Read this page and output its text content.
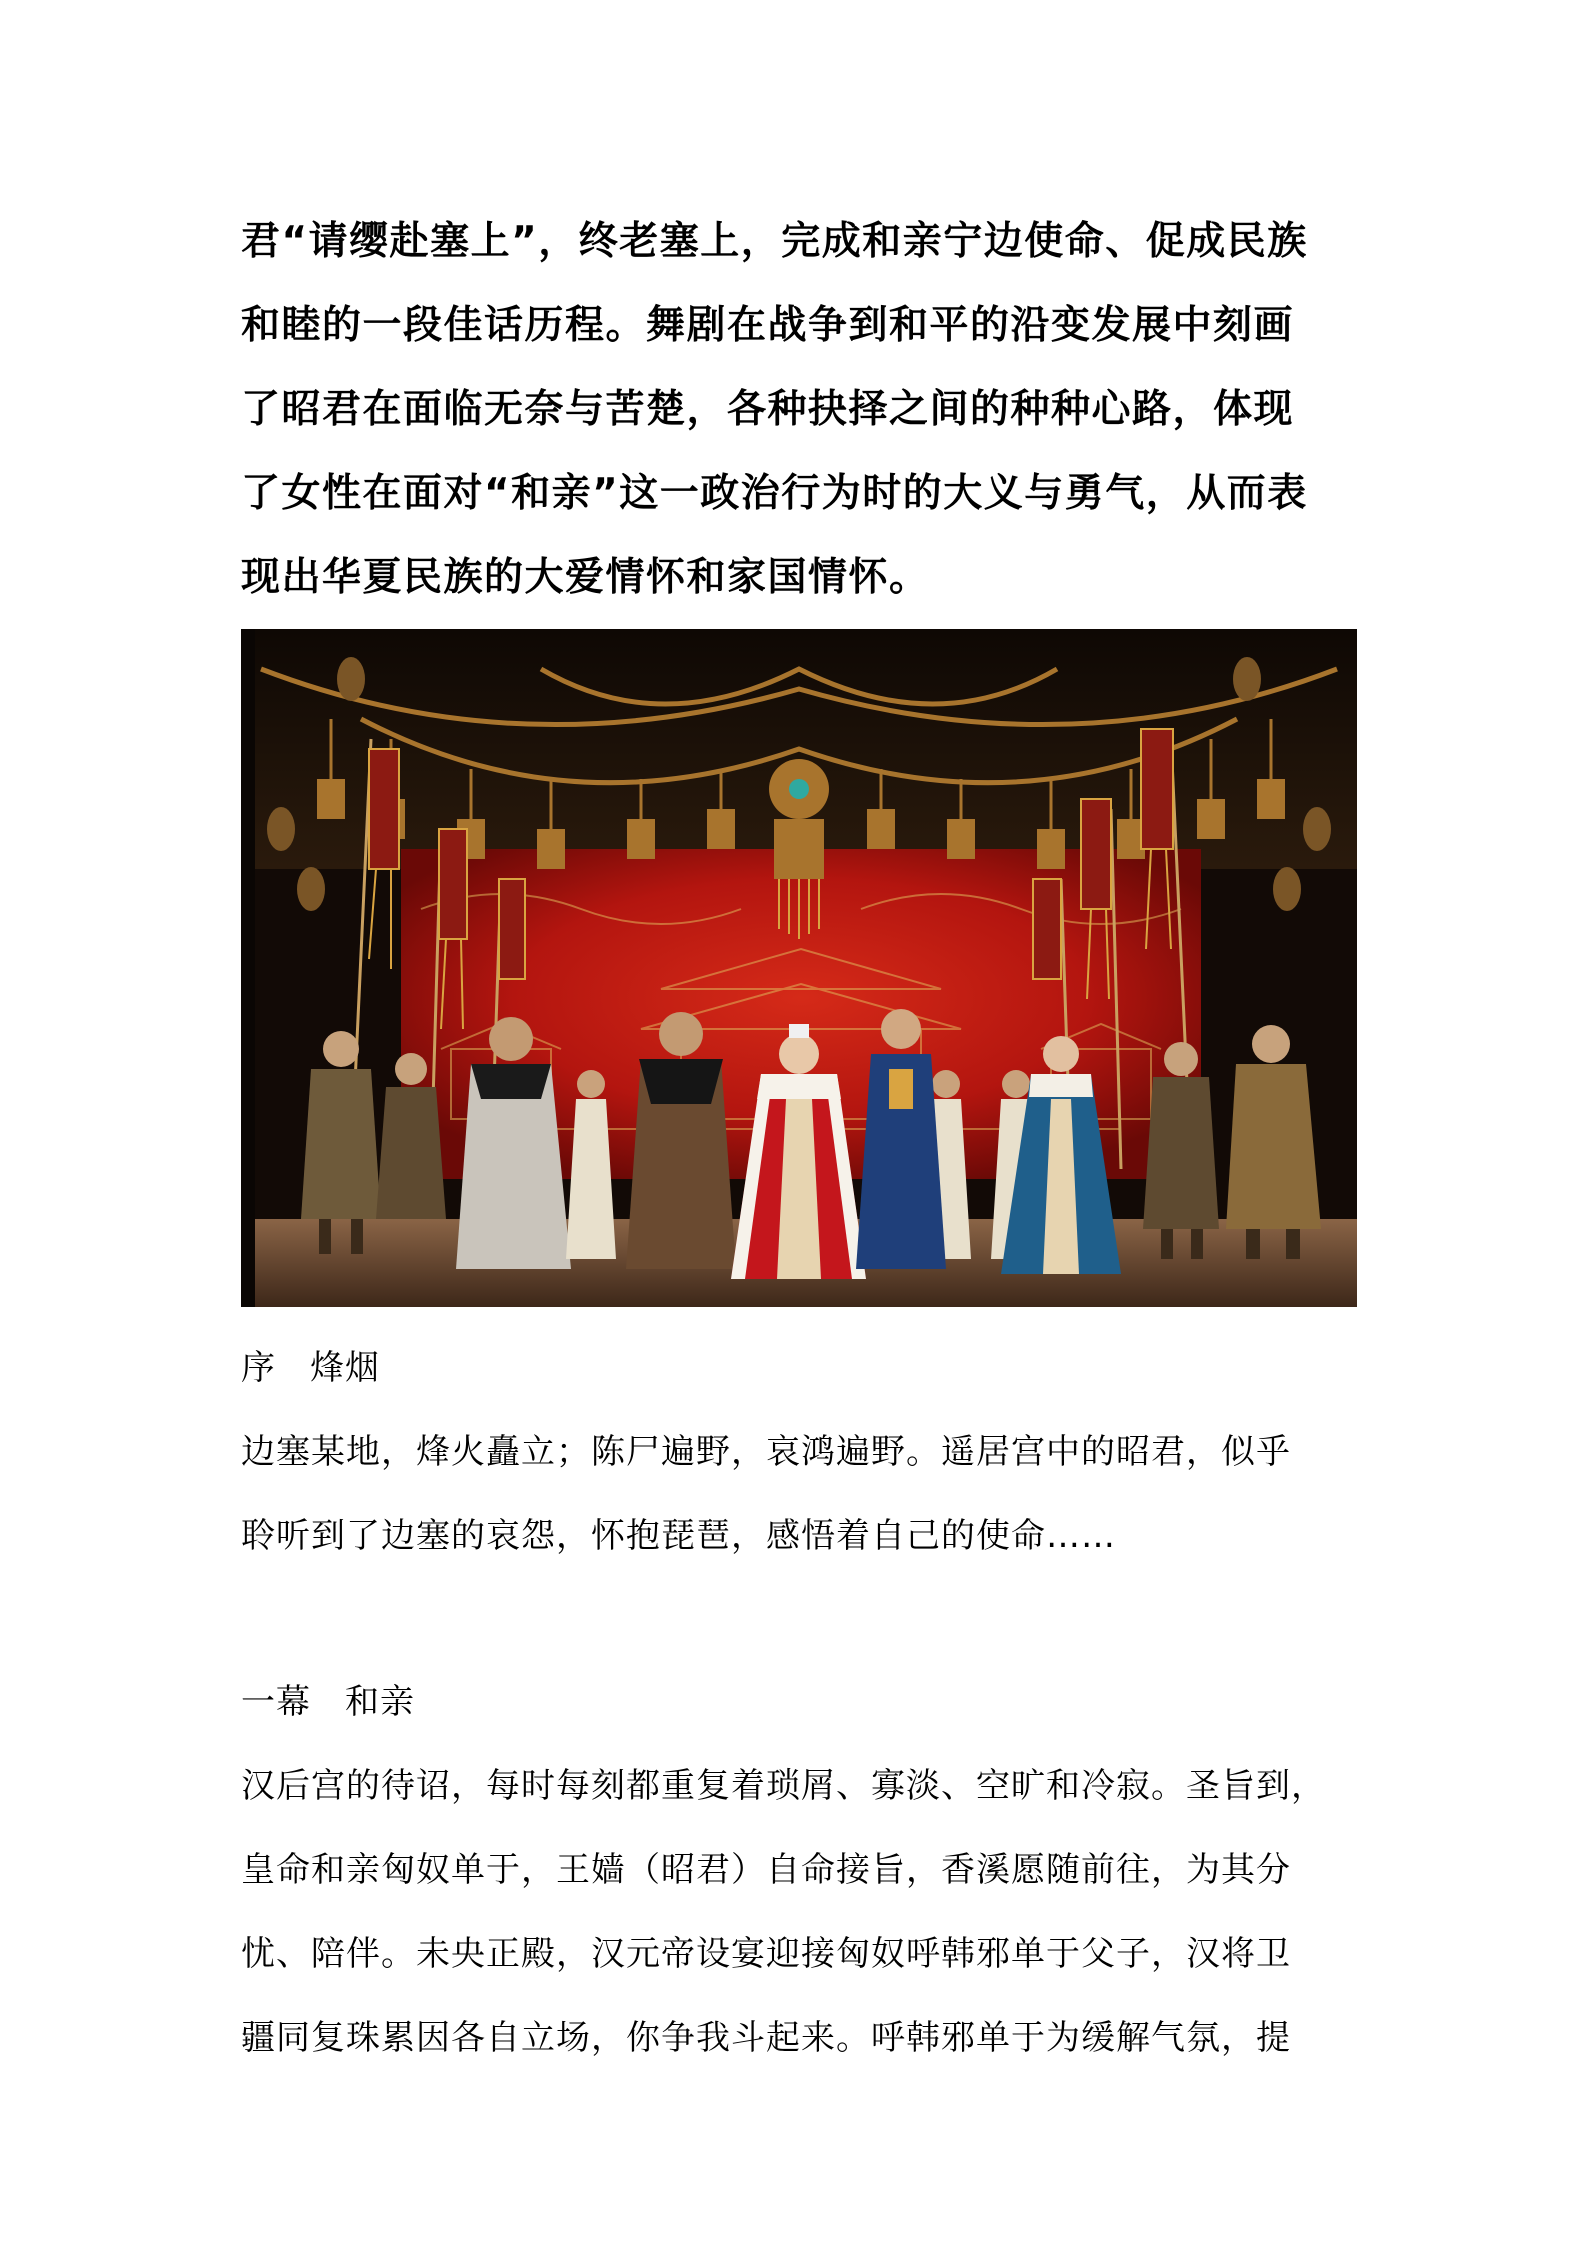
君“请缨赴塞上”，终老塞上，完成和亲宁边使命、促成民族
和睦的一段佳话历程。舞剧在战争到和平的沿变发展中刻画
了昭君在面临无奈与苦楚，各种抉择之间的种种心路，体现
了女性在面对“和亲”这一政治行为时的大义与勇气，从而表
现出华夏民族的大爱情怀和家国情怀。

序 烽烟

边塞某地，烽火矗立；陈尸遍野，哀鸿遍野。遥居宫中的昭君，似乎
聆听到了边塞的哀怨，怀抱琵琶，感悟着自己的使命……

一幕 和亲

汉后宫的待诏，每时每刻都重复着琐屑、寡淡、空旷和冷寂。圣旨到，
皇命和亲匈奴单于，王嫱（昭君）自命接旨，香溪愿随前往，为其分
忧、陪伴。未央正殿，汉元帝设宴迎接匈奴呼韩邪单于父子，汉将卫
疆同复珠累因各自立场，你争我斗起来。呼韩邪单于为缓解气氛，提
